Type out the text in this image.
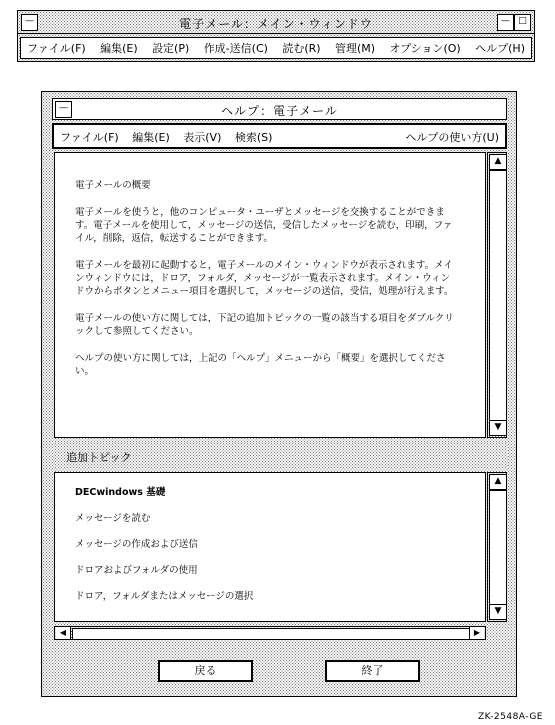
—	電子メール：メイン・ウィンドウ	— □
ファイル(F) 編集(E) 設定(P) 作成-送信(C) 読む(R) 管理(M) オプション(O) ヘルプ(H)
—	ヘルプ：電子メール
ファイル(F) 編集(E) 表示(V) 検索(S)	ヘルプの使い方(U)

電子メールの概要

電子メールを使うと，他のコンピュータ・ユーザとメッセージを交換することができます。電子メールを使用して，メッセージの送信，受信したメッセージを読む，印刷，ファイル，削除，返信，転送することができます。

電子メールを最初に起動すると，電子メールのメイン・ウィンドウが表示されます。メインウィンドウには，ドロア，フォルダ，メッセージが一覧表示されます。メイン・ウィンドウからボタンとメニュー項目を選択して，メッセージの送信，受信，処理が行えます。

電子メールの使い方に関しては，下記の追加トピックの一覧の該当する項目をダブルクリックして参照してください。

ヘルプの使い方に関しては，上記の「ヘルプ」メニューから「概要」を選択してください。

▲
▼
追加トピック
DECwindows 基礎
メッセージを読む
メッセージの作成および送信
ドロアおよびフォルダの使用
ドロア，フォルダまたはメッセージの選択
▲
▼
◀	▶
戻る	終了
ZK-2548A-GE
